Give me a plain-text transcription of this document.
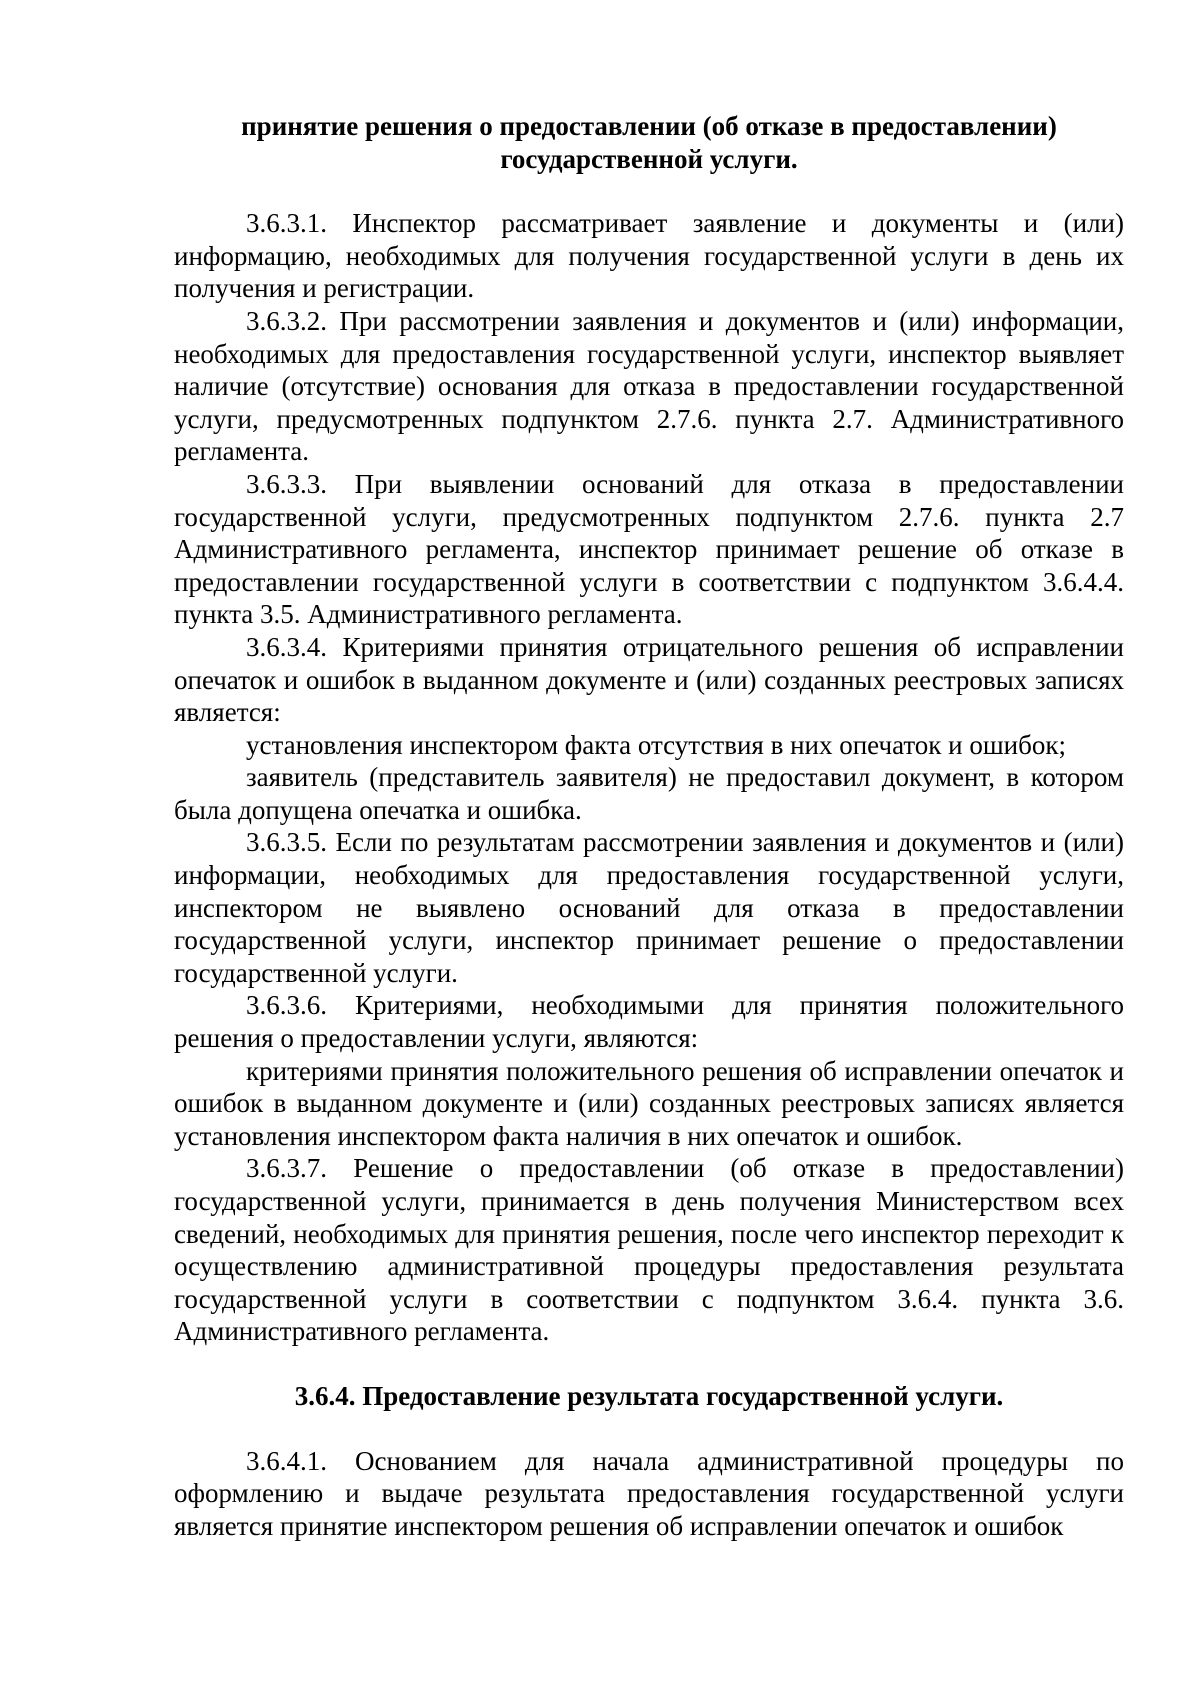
принятие решения о предоставлении (об отказе в предоставлении) государственной услуги.

3.6.3.1. Инспектор рассматривает заявление и документы и (или) информацию, необходимых для получения государственной услуги в день их получения и регистрации.

3.6.3.2. При рассмотрении заявления и документов и (или) информации, необходимых для предоставления государственной услуги, инспектор выявляет наличие (отсутствие) основания для отказа в предоставлении государственной услуги, предусмотренных подпунктом 2.7.6. пункта 2.7. Административного регламента.

3.6.3.3. При выявлении оснований для отказа в предоставлении государственной услуги, предусмотренных подпунктом 2.7.6. пункта 2.7 Административного регламента, инспектор принимает решение об отказе в предоставлении государственной услуги в соответствии с подпунктом 3.6.4.4. пункта 3.5. Административного регламента.

3.6.3.4. Критериями принятия отрицательного решения об исправлении опечаток и ошибок в выданном документе и (или) созданных реестровых записях является:

установления инспектором факта отсутствия в них опечаток и ошибок;

заявитель (представитель заявителя) не предоставил документ, в котором была допущена опечатка и ошибка.

3.6.3.5. Если по результатам рассмотрении заявления и документов и (или) информации, необходимых для предоставления государственной услуги, инспектором не выявлено оснований для отказа в предоставлении государственной услуги, инспектор принимает решение о предоставлении государственной услуги.

3.6.3.6. Критериями, необходимыми для принятия положительного решения о предоставлении услуги, являются:

критериями принятия положительного решения об исправлении опечаток и ошибок в выданном документе и (или) созданных реестровых записях является установления инспектором факта наличия в них опечаток и ошибок.

3.6.3.7. Решение о предоставлении (об отказе в предоставлении) государственной услуги, принимается в день получения Министерством всех сведений, необходимых для принятия решения, после чего инспектор переходит к осуществлению административной процедуры предоставления результата государственной услуги в соответствии с подпунктом 3.6.4. пункта 3.6. Административного регламента.

3.6.4. Предоставление результата государственной услуги.

3.6.4.1. Основанием для начала административной процедуры по оформлению и выдаче результата предоставления государственной услуги является принятие инспектором решения об исправлении опечаток и ошибок
